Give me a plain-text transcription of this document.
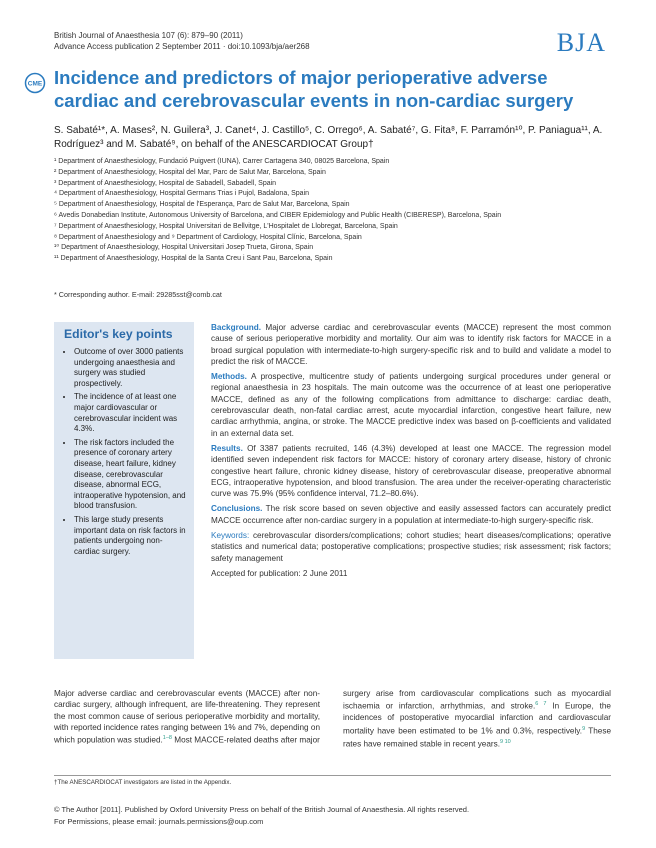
British Journal of Anaesthesia 107 (6): 879–90 (2011)
Advance Access publication 2 September 2011 · doi:10.1093/bja/aer268	BJA
CME Incidence and predictors of major perioperative adverse cardiac and cerebrovascular events in non-cardiac surgery
S. Sabaté¹*, A. Mases², N. Guilera³, J. Canet⁴, J. Castillo⁵, C. Orrego⁶, A. Sabaté⁷, G. Fita⁸, F. Parramón¹⁰, P. Paniagua¹¹, A. Rodríguez³ and M. Sabaté⁹, on behalf of the ANESCARDIOCAT Group†
¹ Department of Anaesthesiology, Fundació Puigvert (IUNA), Carrer Cartagena 340, 08025 Barcelona, Spain
² Department of Anaesthesiology, Hospital del Mar, Parc de Salut Mar, Barcelona, Spain
³ Department of Anaesthesiology, Hospital de Sabadell, Sabadell, Spain
⁴ Department of Anaesthesiology, Hospital Germans Trias i Pujol, Badalona, Spain
⁵ Department of Anaesthesiology, Hospital de l'Esperança, Parc de Salut Mar, Barcelona, Spain
⁶ Avedis Donabedian Institute, Autonomous University of Barcelona, and CIBER Epidemiology and Public Health (CIBERESP), Barcelona, Spain
⁷ Department of Anaesthesiology, Hospital Universitari de Bellvitge, L'Hospitalet de Llobregat, Barcelona, Spain
⁸ Department of Anaesthesiology and ⁹ Department of Cardiology, Hospital Clínic, Barcelona, Spain
¹⁰ Department of Anaesthesiology, Hospital Universitari Josep Trueta, Girona, Spain
¹¹ Department of Anaesthesiology, Hospital de la Santa Creu i Sant Pau, Barcelona, Spain
* Corresponding author. E-mail: 29285sst@comb.cat
Editor's key points
• Outcome of over 3000 patients undergoing anaesthesia and surgery was studied prospectively.
• The incidence of at least one major cardiovascular or cerebrovascular incident was 4.3%.
• The risk factors included the presence of coronary artery disease, heart failure, kidney disease, cerebrovascular disease, abnormal ECG, intraoperative hypotension, and blood transfusion.
• This large study presents important data on risk factors in patients undergoing non-cardiac surgery.

Background. Major adverse cardiac and cerebrovascular events (MACCE) represent the most common cause of serious perioperative morbidity and mortality. Our aim was to identify risk factors for MACCE in a broad surgical population with intermediate-to-high surgery-specific risk and to build and validate a model to predict the risk of MACCE.

Methods. A prospective, multicentre study of patients undergoing surgical procedures under general or regional anaesthesia in 23 hospitals. The main outcome was the occurrence of at least one perioperative MACCE, defined as any of the following complications from admittance to discharge: cardiac death, cerebrovascular death, non-fatal cardiac arrest, acute myocardial infarction, congestive heart failure, new cardiac arrhythmia, angina, or stroke. The MACCE predictive index was based on β-coefficients and validated in an external data set.

Results. Of 3387 patients recruited, 146 (4.3%) developed at least one MACCE. The regression model identified seven independent risk factors for MACCE: history of coronary artery disease, history of chronic congestive heart failure, chronic kidney disease, history of cerebrovascular disease, preoperative abnormal ECG, intraoperative hypotension, and blood transfusion. The area under the receiver-operating characteristic curve was 75.9% (95% confidence interval, 71.2–80.6%).

Conclusions. The risk score based on seven objective and easily assessed factors can accurately predict MACCE occurrence after non-cardiac surgery in a population at intermediate-to-high surgery-specific risk.

Keywords: cerebrovascular disorders/complications; cohort studies; heart diseases/complications; operative statistics and numerical data; postoperative complications; prospective studies; risk assessment; risk factors; safety management

Accepted for publication: 2 June 2011

Major adverse cardiac and cerebrovascular events (MACCE) after non-cardiac surgery, although infrequent, are life-threatening. They represent the most common cause of serious perioperative morbidity and mortality, with reported incidence rates ranging between 1% and 7%, depending on which population was studied.$^{1-8}$ Most MACCE-related deaths after major
surgery arise from cardiovascular complications such as myocardial ischaemia or infarction, arrhythmias, and stroke.$^{6 7}$ In Europe, the incidences of postoperative myocardial infarction and cardiovascular mortality have been estimated to be 1% and 0.3%, respectively.$^9$ These rates have remained stable in recent years.$^{9 10}$
†The ANESCARDIOCAT investigators are listed in the Appendix.
© The Author [2011]. Published by Oxford University Press on behalf of the British Journal of Anaesthesia. All rights reserved.
For Permissions, please email: journals.permissions@oup.com
